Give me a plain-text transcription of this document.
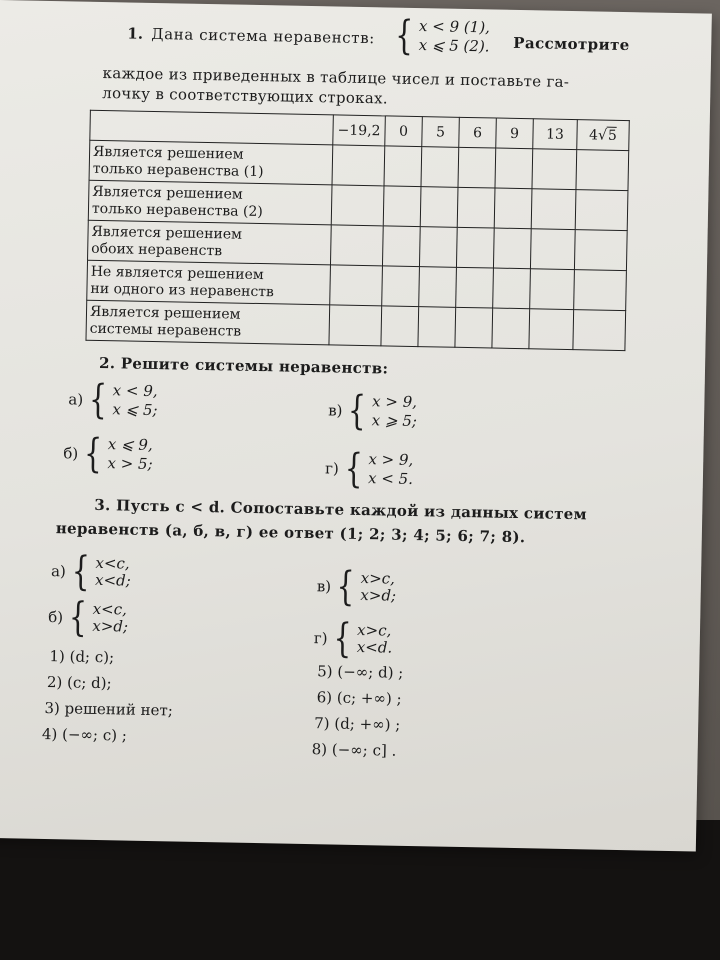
1. Дана система неравенств: { x < 9 (1),
x ⩽ 5 (2). Рассмотрите
каждое из приведенных в таблице чисел и поставьте га-
лочку в соответствующих строках.
	−19,2	0	5	6	9	13	4√5
Является решением
только неравенства (1)							
Является решением
только неравенства (2)							
Является решением
обоих неравенств							
Не является решением
ни одного из неравенств							
Является решением
системы неравенств							
2. Решите системы неравенств:
а) { x < 9,
x ⩽ 5;
б) { x ⩽ 9,
x > 5;
в) { x > 9,
x ⩾ 5;
г) { x > 9,
x < 5.
3. Пусть c < d. Сопоставьте каждой из данных систем
неравенств (а, б, в, г) ее ответ (1; 2; 3; 4; 5; 6; 7; 8).
а) { x<c,
x<d;
б) { x<c,
x>d;
в) { x>c,
x>d;
г) { x>c,
x<d.
1) (d; c);
2) (c; d);
3) решений нет;
4) (−∞; c) ;
5) (−∞; d) ;
6) (c; +∞) ;
7) (d; +∞) ;
8) (−∞; c] .
